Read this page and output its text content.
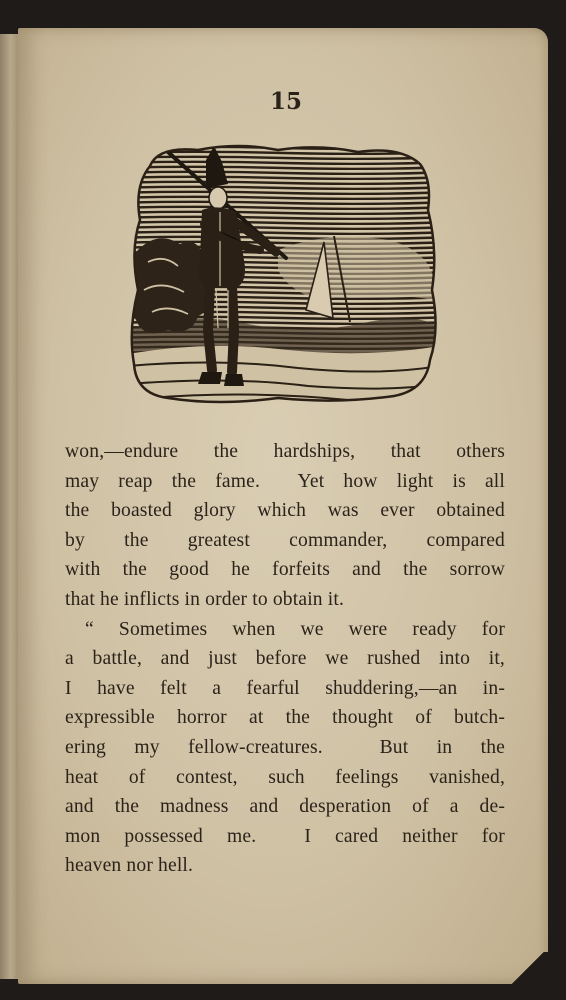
15
won,—endure the hardships, that others
may reap the fame.  Yet how light is all
the boasted glory which was ever obtained
by the greatest commander, compared
with the good he forfeits and the sorrow
that he inflicts in order to obtain it.
“ Sometimes when we were ready for
a battle, and just before we rushed into it,
I have felt a fearful shuddering,—an in-
expressible horror at the thought of butch-
ering my fellow-creatures.  But in the
heat of contest, such feelings vanished,
and the madness and desperation of a de-
mon possessed me.  I cared neither for
heaven nor hell.
